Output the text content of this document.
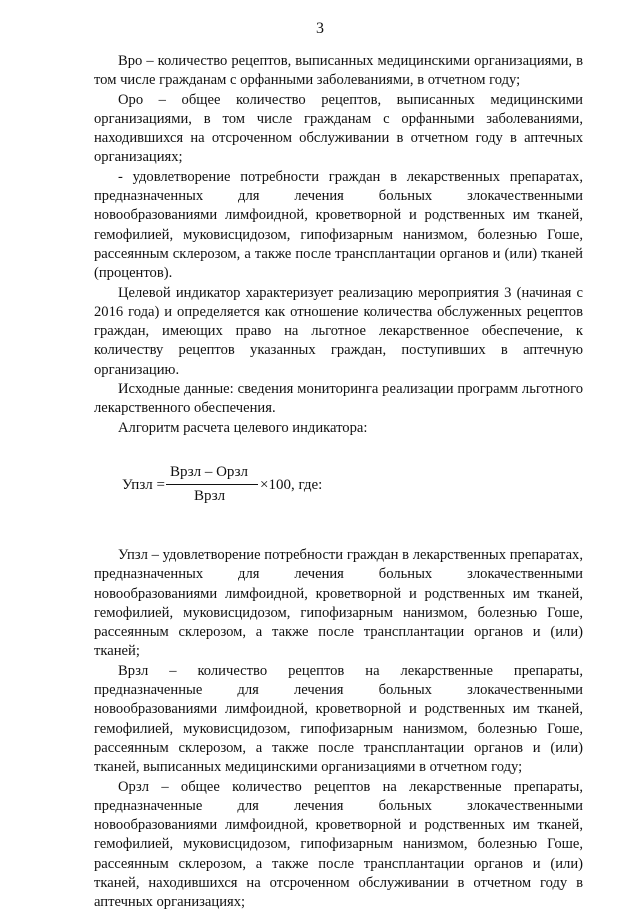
3

Вро – количество рецептов, выписанных медицинскими организациями, в том числе гражданам с орфанными заболеваниями, в отчетном году;

Оро – общее количество рецептов, выписанных медицинскими организациями, в том числе гражданам с орфанными заболеваниями, находившихся на отсроченном обслуживании в отчетном году в аптечных организациях;

- удовлетворение потребности граждан в лекарственных препаратах, предназначенных для лечения больных злокачественными новообразованиями лимфоидной, кроветворной и родственных им тканей, гемофилией, муковисцидозом, гипофизарным нанизмом, болезнью Гоше, рассеянным склерозом, а также после трансплантации органов и (или) тканей (процентов).

Целевой индикатор характеризует реализацию мероприятия 3 (начиная с 2016 года) и определяется как отношение количества обслуженных рецептов граждан, имеющих право на льготное лекарственное обеспечение, к количеству рецептов указанных граждан, поступивших в аптечную организацию.

Исходные данные: сведения мониторинга реализации программ льготного лекарственного обеспечения.

Алгоритм расчета целевого индикатора:

Упзл =
Врзл – Орзл
Врзл
×100, где:

Упзл – удовлетворение потребности граждан в лекарственных препаратах, предназначенных для лечения больных злокачественными новообразованиями лимфоидной, кроветворной и родственных им тканей, гемофилией, муковисцидозом, гипофизарным нанизмом, болезнью Гоше, рассеянным склерозом, а также после трансплантации органов и (или) тканей;

Врзл – количество рецептов на лекарственные препараты, предназначенные для лечения больных злокачественными новообразованиями лимфоидной, кроветворной и родственных им тканей, гемофилией, муковисцидозом, гипофизарным нанизмом, болезнью Гоше, рассеянным склерозом, а также после трансплантации органов и (или) тканей, выписанных медицинскими организациями в отчетном году;

Орзл – общее количество рецептов на лекарственные препараты, предназначенные для лечения больных злокачественными новообразованиями лимфоидной, кроветворной и родственных им тканей, гемофилией, муковисцидозом, гипофизарным нанизмом, болезнью Гоше, рассеянным склерозом, а также после трансплантации органов и (или) тканей, находившихся на отсроченном обслуживании в отчетном году в аптечных организациях;
